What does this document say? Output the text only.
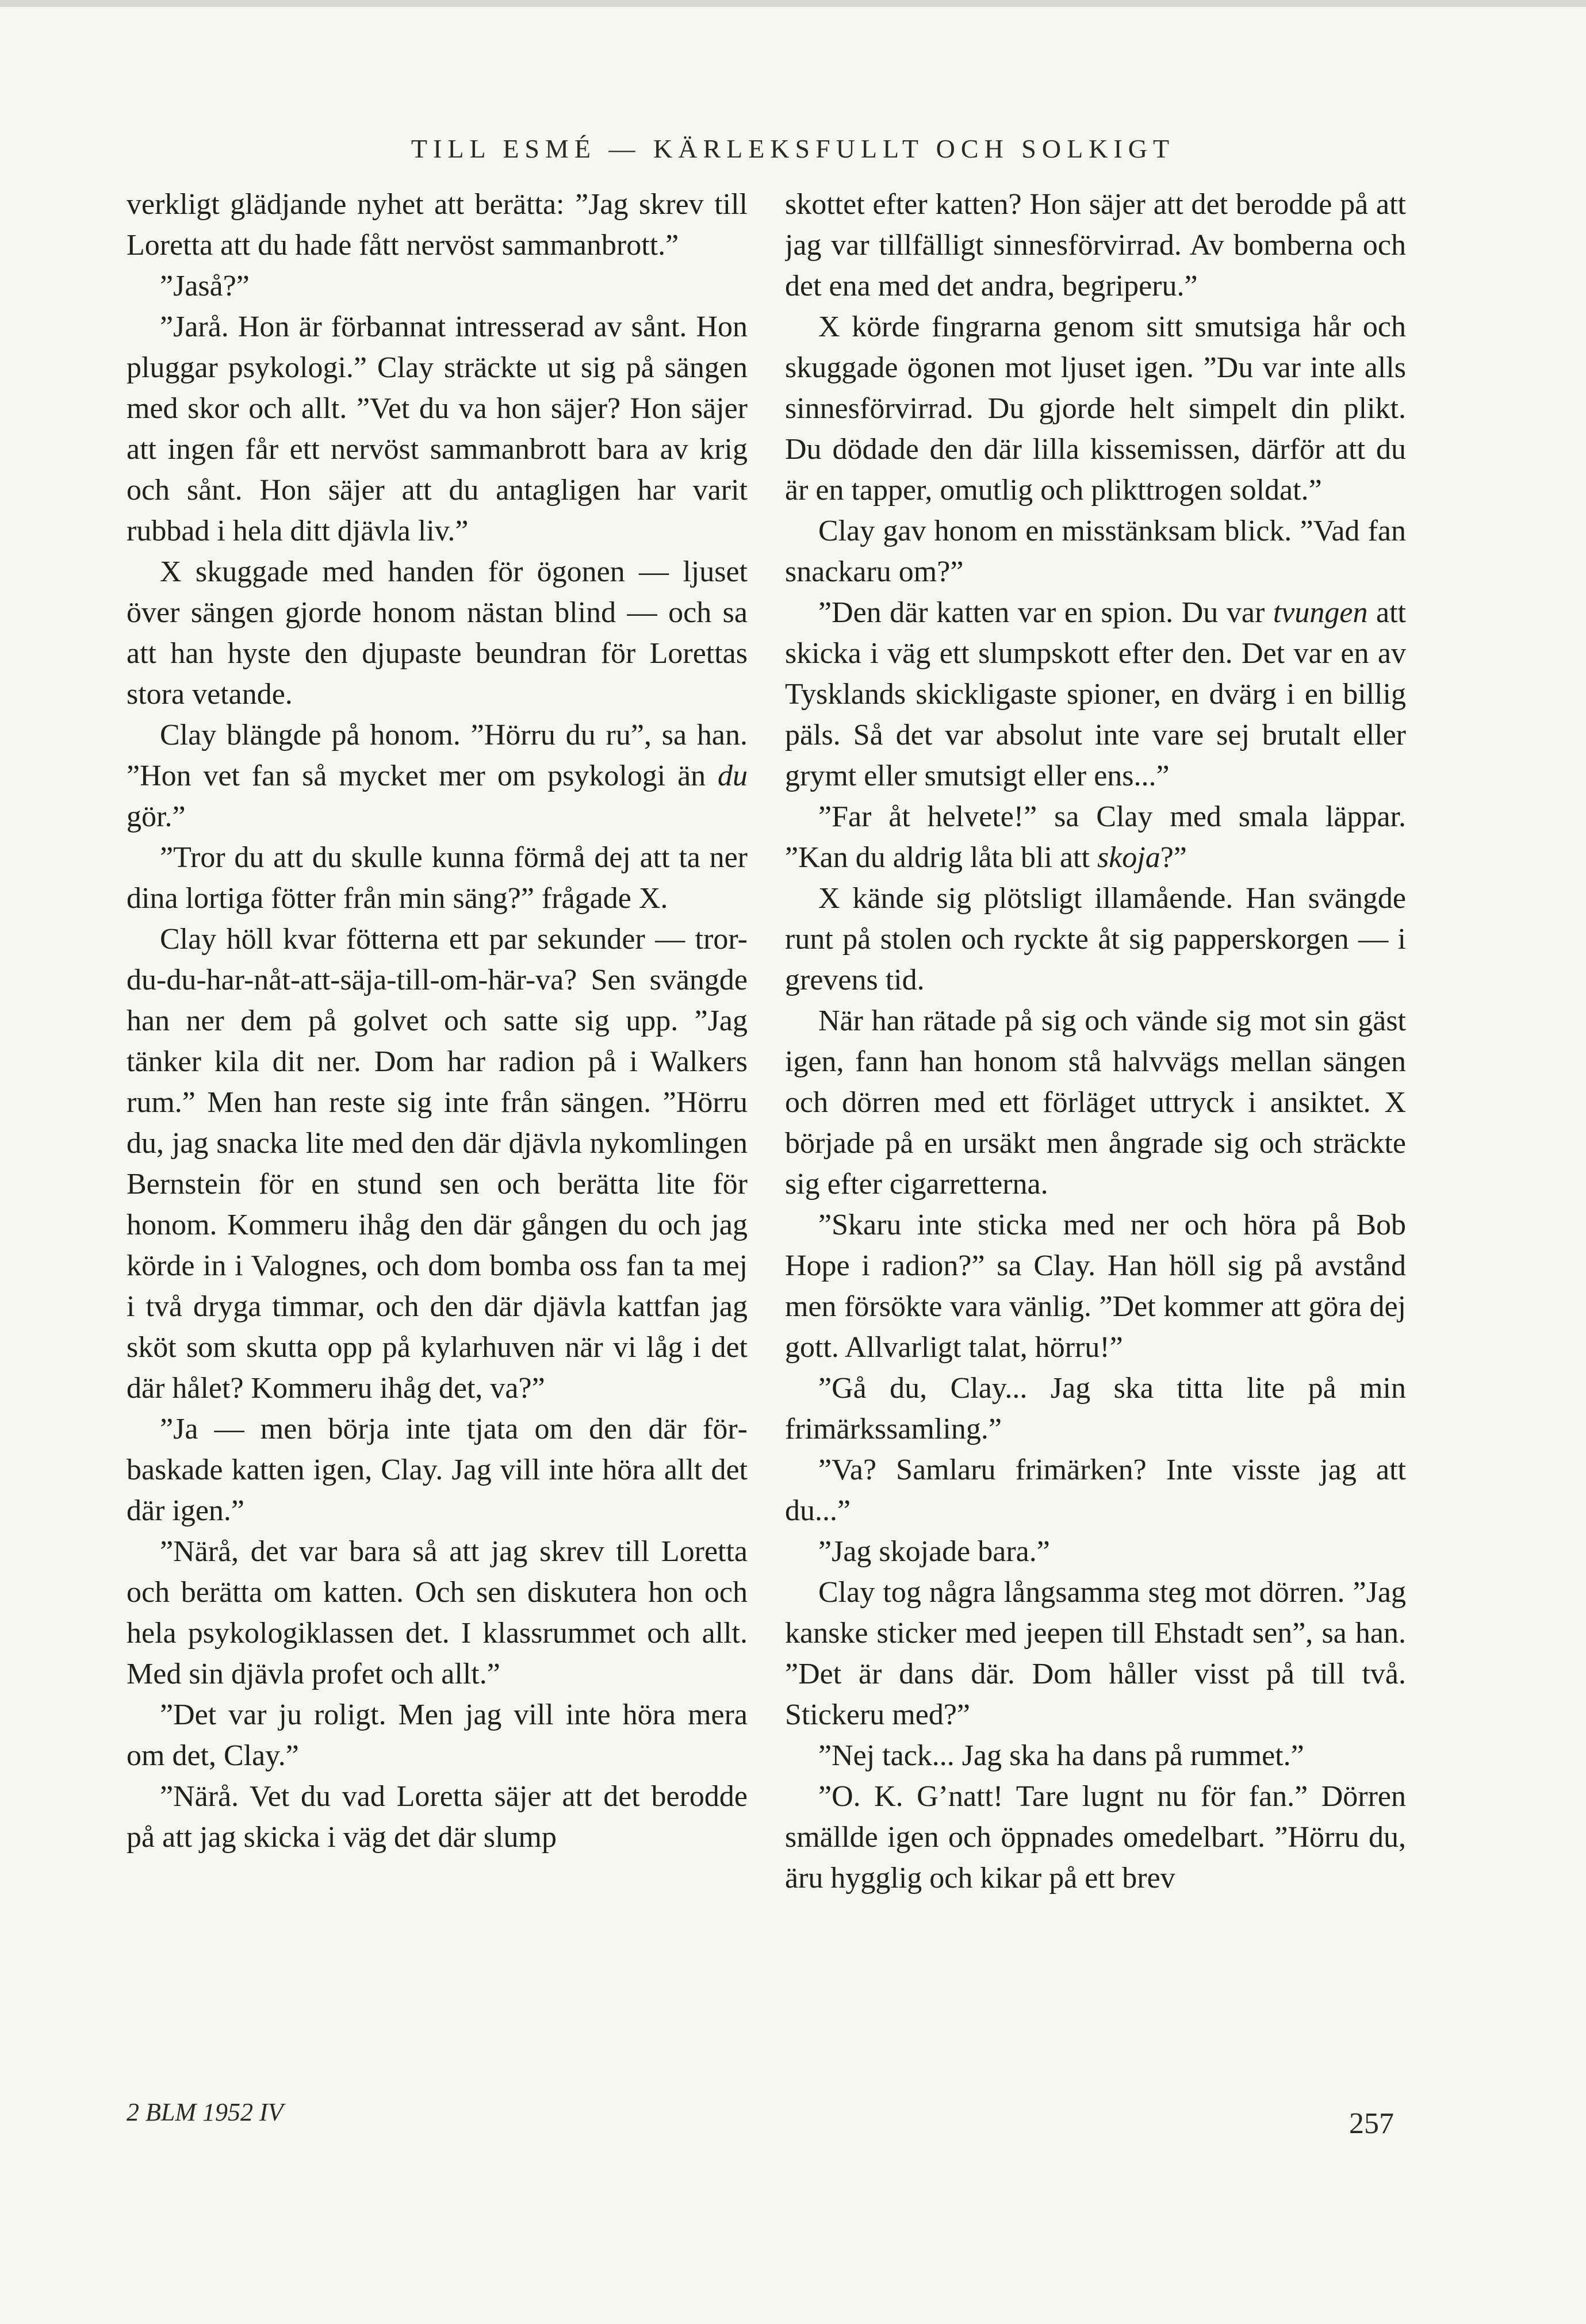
TILL ESMÉ — KÄRLEKSFULLT OCH SOLKIGT

verkligt glädjande nyhet att berätta: ”Jag skrev till Loretta att du hade fått nervöst sammanbrott.”

”Jaså?”

”Jarå. Hon är förbannat intresserad av sånt. Hon pluggar psykologi.” Clay sträckte ut sig på sängen med skor och allt. ”Vet du va hon säjer? Hon säjer att ingen får ett nervöst sammanbrott bara av krig och sånt. Hon säjer att du antagligen har varit rubbad i hela ditt djävla liv.”

X skuggade med handen för ögonen — ljuset över sängen gjorde honom nästan blind — och sa att han hyste den djupaste beundran för Lorettas stora vetande.

Clay blängde på honom. ”Hörru du ru”, sa han. ”Hon vet fan så mycket mer om psykologi än du gör.”

”Tror du att du skulle kunna förmå dej att ta ner dina lortiga fötter från min säng?” frågade X.

Clay höll kvar fötterna ett par sekunder — tror-du-du-har-nåt-att-säja-till-om-här-va? Sen svängde han ner dem på golvet och satte sig upp. ”Jag tänker kila dit ner. Dom har radion på i Walkers rum.” Men han reste sig inte från sängen. ”Hörru du, jag snacka lite med den där djävla nykomlingen Bernstein för en stund sen och berätta lite för honom. Kommeru ihåg den där gången du och jag körde in i Valognes, och dom bomba oss fan ta mej i två dryga timmar, och den där djävla kattfan jag sköt som skutta opp på kylarhuven när vi låg i det där hålet? Kommeru ihåg det, va?”

”Ja — men börja inte tjata om den där förbaskade katten igen, Clay. Jag vill inte höra allt det där igen.”

”Närå, det var bara så att jag skrev till Loretta och berätta om katten. Och sen diskutera hon och hela psykologiklassen det. I klassrummet och allt. Med sin djävla profet och allt.”

”Det var ju roligt. Men jag vill inte höra mera om det, Clay.”

”Närå. Vet du vad Loretta säjer att det berodde på att jag skicka i väg det där slump

skottet efter katten? Hon säjer att det berodde på att jag var tillfälligt sinnesförvirrad. Av bomberna och det ena med det andra, begriperu.”

X körde fingrarna genom sitt smutsiga hår och skuggade ögonen mot ljuset igen. ”Du var inte alls sinnesförvirrad. Du gjorde helt simpelt din plikt. Du dödade den där lilla kissemissen, därför att du är en tapper, omutlig och plikttrogen soldat.”

Clay gav honom en misstänksam blick. ”Vad fan snackaru om?”

”Den där katten var en spion. Du var tvungen att skicka i väg ett slumpskott efter den. Det var en av Tysklands skickligaste spioner, en dvärg i en billig päls. Så det var absolut inte vare sej brutalt eller grymt eller smutsigt eller ens...”

”Far åt helvete!” sa Clay med smala läppar. ”Kan du aldrig låta bli att skoja?”

X kände sig plötsligt illamående. Han svängde runt på stolen och ryckte åt sig papperskorgen — i grevens tid.

När han rätade på sig och vände sig mot sin gäst igen, fann han honom stå halvvägs mellan sängen och dörren med ett förläget uttryck i ansiktet. X började på en ursäkt men ångrade sig och sträckte sig efter cigarretterna.

”Skaru inte sticka med ner och höra på Bob Hope i radion?” sa Clay. Han höll sig på avstånd men försökte vara vänlig. ”Det kommer att göra dej gott. Allvarligt talat, hörru!”

”Gå du, Clay... Jag ska titta lite på min frimärkssamling.”

”Va? Samlaru frimärken? Inte visste jag att du...”

”Jag skojade bara.”

Clay tog några långsamma steg mot dörren. ”Jag kanske sticker med jeepen till Ehstadt sen”, sa han. ”Det är dans där. Dom håller visst på till två. Stickeru med?”

”Nej tack... Jag ska ha dans på rummet.”

”O. K. G’natt! Tare lugnt nu för fan.” Dörren smällde igen och öppnades omedelbart. ”Hörru du, äru hygglig och kikar på ett brev

2 BLM 1952 IV	257
